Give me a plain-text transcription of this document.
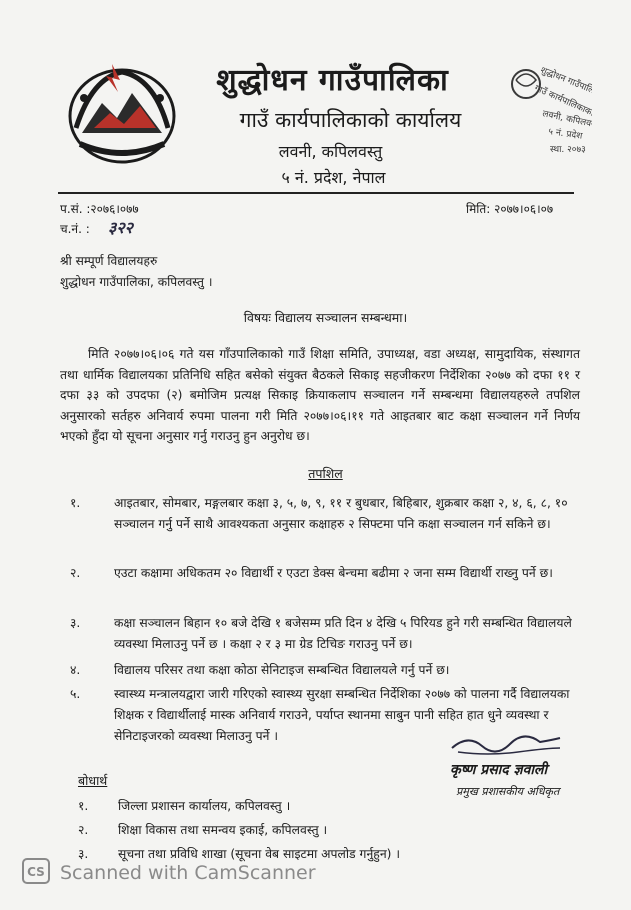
शुद्धोधन गाउँपालिका
गाउँ कार्यपालिकाको कार्यालय
लवनी, कपिलवस्तु
५ नं. प्रदेश, नेपाल
शुद्धोधन गाउँपालिका
गाउँ कार्यपालिकाको
लवनी, कपिलवस्तु
५ नं. प्रदेश
स्था. २०७३
प.सं. :२०७६।०७७
च.नं. : ३२२
मिति: २०७७।०६।०७
श्री सम्पूर्ण विद्यालयहरु
शुद्धोधन गाउँपालिका, कपिलवस्तु ।
विषयः विद्यालय सञ्चालन सम्बन्धमा।

मिति २०७७।०६।०६ गते यस गाँउपालिकाको गाउँ शिक्षा समिति, उपाध्यक्ष, वडा अध्यक्ष, सामुदायिक, संस्थागत तथा धार्मिक विद्यालयका प्रतिनिधि सहित बसेको संयुक्त बैठकले सिकाइ सहजीकरण निर्देशिका २०७७ को दफा ११ र दफा ३३ को उपदफा (२) बमोजिम प्रत्यक्ष सिकाइ क्रियाकलाप सञ्चालन गर्ने सम्बन्धमा विद्यालयहरुले तपशिल अनुसारको सर्तहरु अनिवार्य रुपमा पालना गरी मिति २०७७।०६।११ गते आइतबार बाट कक्षा सञ्चालन गर्ने निर्णय भएको हुँदा यो सूचना अनुसार गर्नु गराउनु हुन अनुरोध छ।

तपशिल
१.	आइतबार, सोमबार, मङ्गलबार कक्षा ३, ५, ७, ९, ११ र बुधबार, बिहिबार, शुक्रबार कक्षा २, ४, ६, ८, १० सञ्चालन गर्नु पर्ने साथै आवश्यकता अनुसार कक्षाहरु २ सिफ्टमा पनि कक्षा सञ्चालन गर्न सकिने छ।
२.	एउटा कक्षामा अधिकतम २० विद्यार्थी र एउटा डेक्स बेन्चमा बढीमा २ जना सम्म विद्यार्थी राख्नु पर्ने छ।
३.	कक्षा सञ्चालन बिहान १० बजे देखि १ बजेसम्म प्रति दिन ४ देखि ५ पिरियड हुने गरी सम्बन्धित विद्यालयले व्यवस्था मिलाउनु पर्ने छ । कक्षा २ र ३ मा ग्रेड टिचिङ गराउनु पर्ने छ।
४.	विद्यालय परिसर तथा कक्षा कोठा सेनिटाइज सम्बन्धित विद्यालयले गर्नु पर्ने छ।
५.	स्वास्थ्य मन्त्रालयद्वारा जारी गरिएको स्वास्थ्य सुरक्षा सम्बन्धित निर्देशिका २०७७ को पालना गर्दै विद्यालयका शिक्षक र विद्यार्थीलाई मास्क अनिवार्य गराउने, पर्याप्त स्थानमा साबुन पानी सहित हात धुने व्यवस्था र सेनिटाइजरको व्यवस्था मिलाउनु पर्ने ।
कृष्ण प्रसाद ज्ञवाली
प्रमुख प्रशासकीय अधिकृत
बोधार्थ
१. जिल्ला प्रशासन कार्यालय, कपिलवस्तु ।
२. शिक्षा विकास तथा समन्वय इकाई, कपिलवस्तु ।
३. सूचना तथा प्रविधि शाखा (सूचना वेब साइटमा अपलोड गर्नुहुन) ।
CS Scanned with CamScanner
